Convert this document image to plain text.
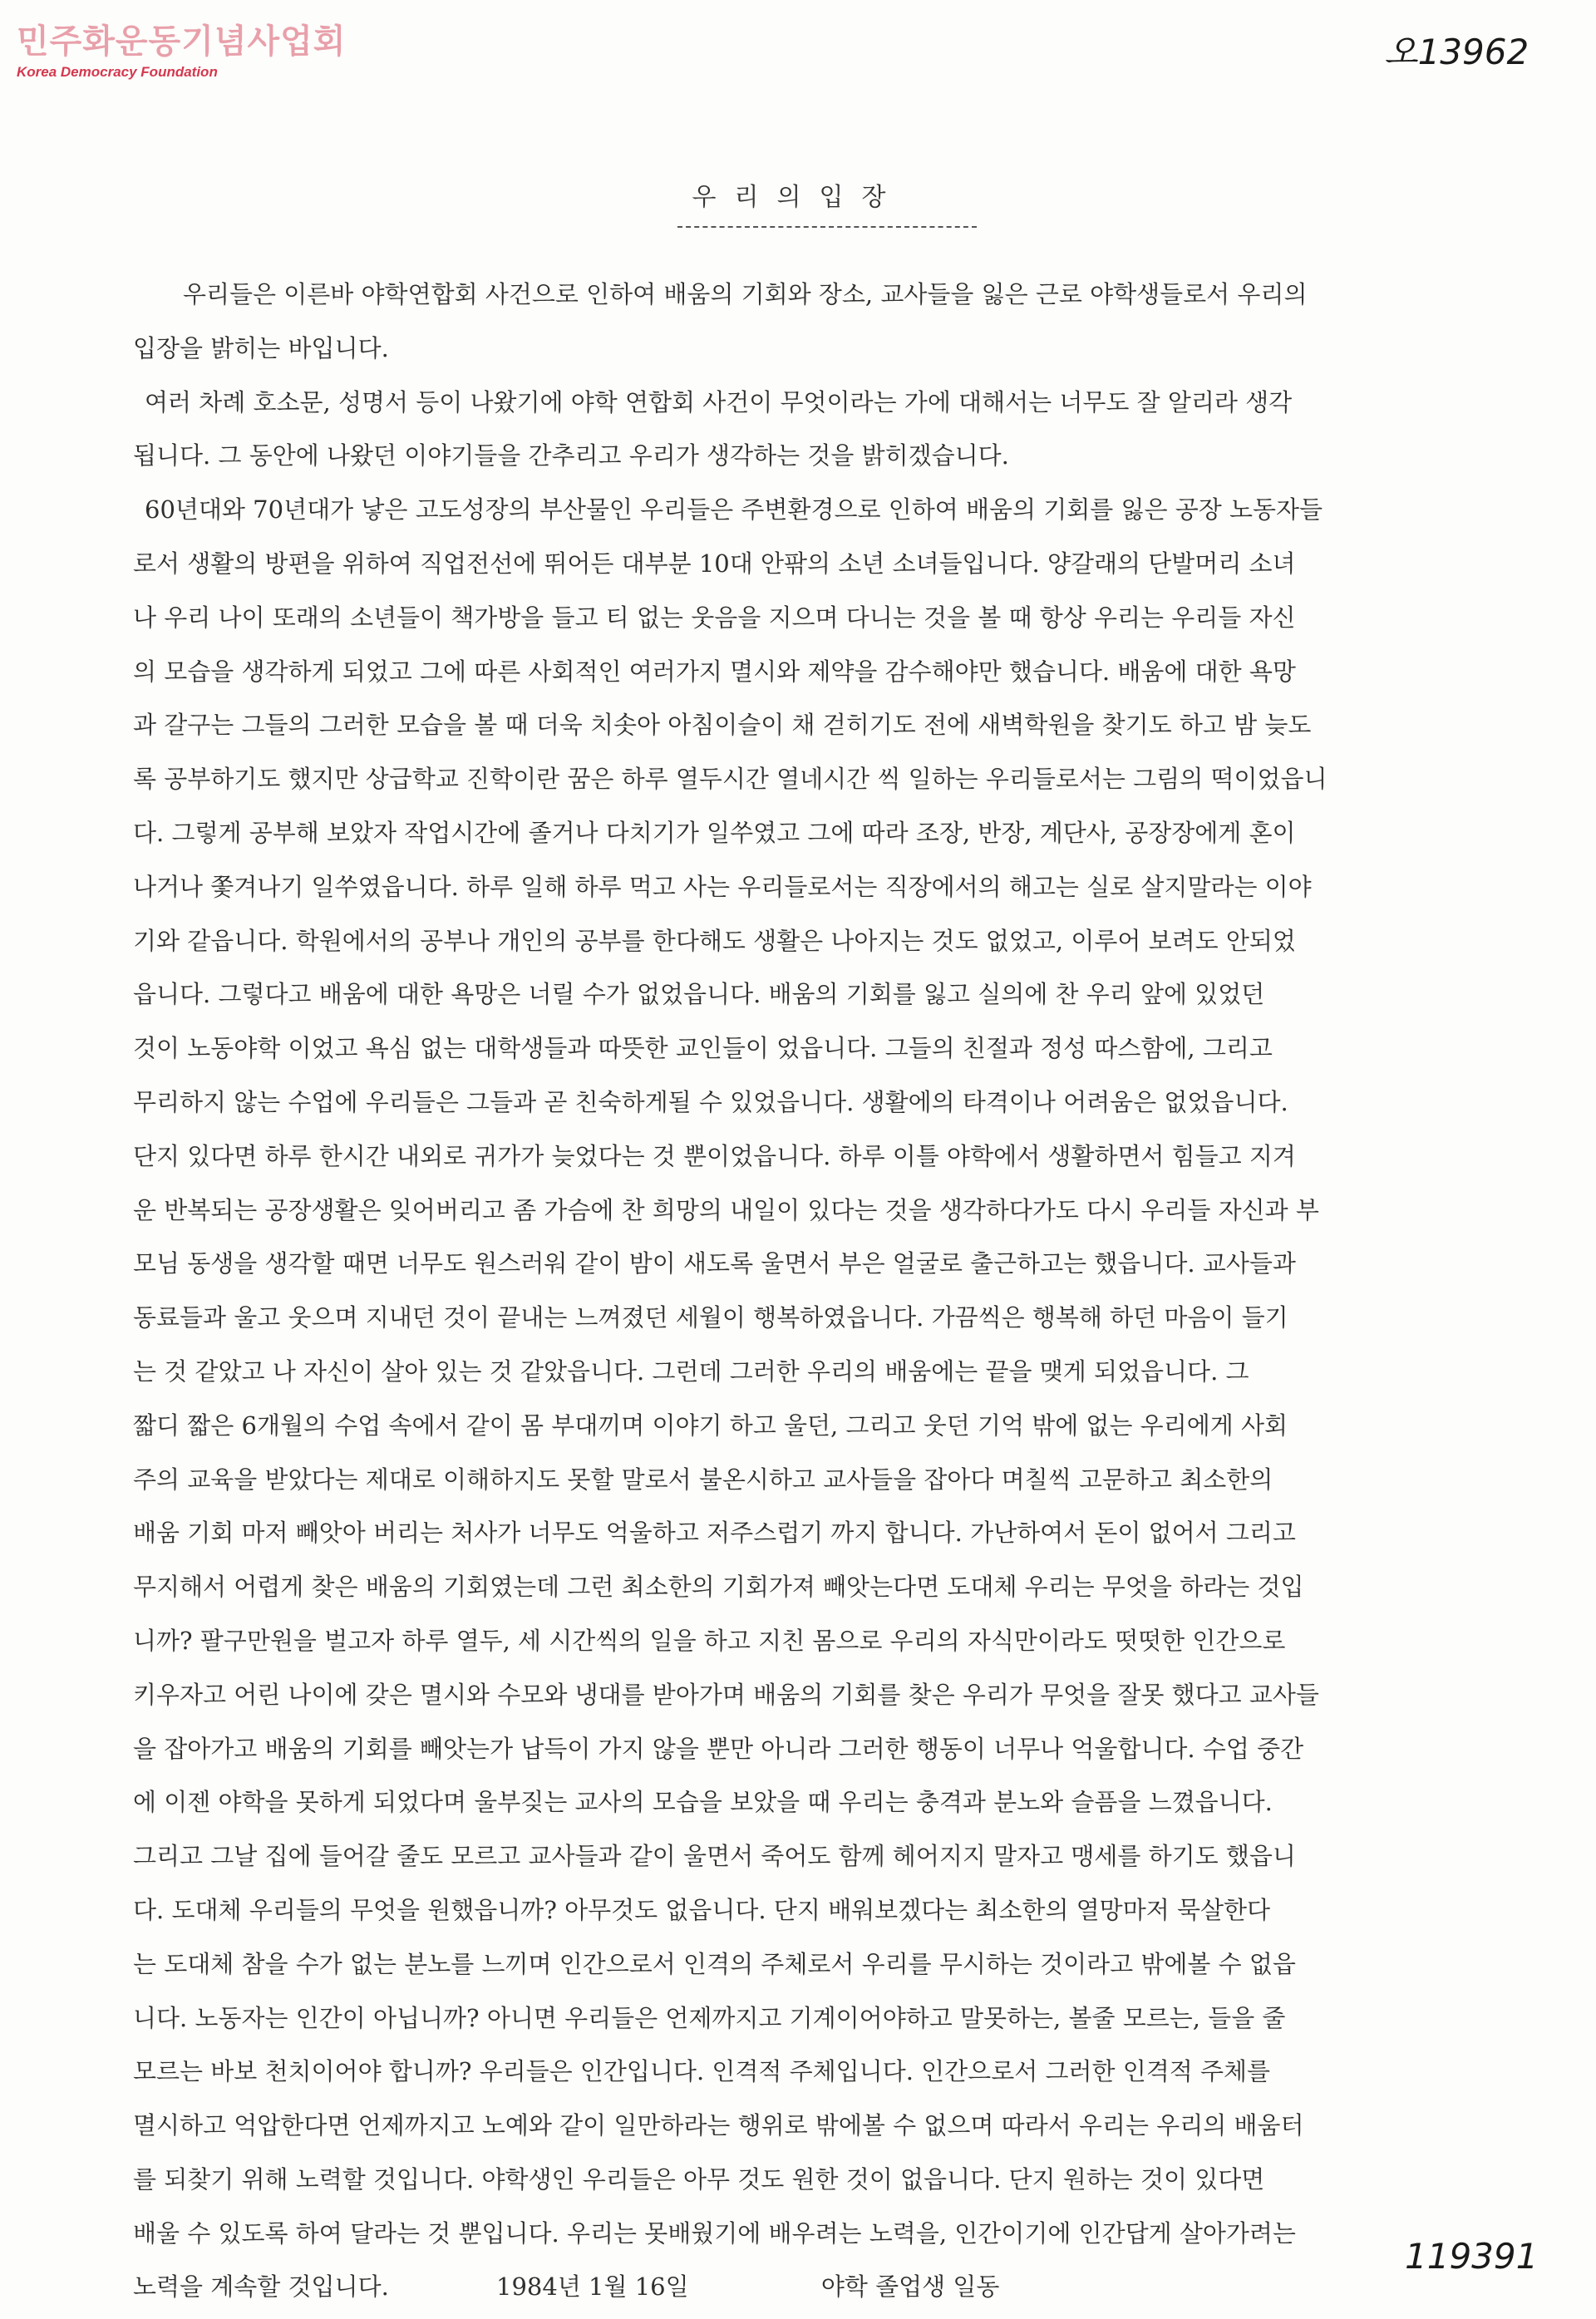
민주화운동기념사업회
Korea Democracy Foundation	오13962
우리의입장
우리들은 이른바 야학연합회 사건으로 인하여 배움의 기회와 장소, 교사들을 잃은 근로 야학생들로서 우리의
입장을 밝히는 바입니다.
여러 차례 호소문, 성명서 등이 나왔기에 야학 연합회 사건이 무엇이라는 가에 대해서는 너무도 잘 알리라 생각
됩니다. 그 동안에 나왔던 이야기들을 간추리고 우리가 생각하는 것을 밝히겠습니다.
60년대와 70년대가 낳은 고도성장의 부산물인 우리들은 주변환경으로 인하여 배움의 기회를 잃은 공장 노동자들
로서 생활의 방편을 위하여 직업전선에 뛰어든 대부분 10대 안팎의 소년 소녀들입니다. 양갈래의 단발머리 소녀
나 우리 나이 또래의 소년들이 책가방을 들고 티 없는 웃음을 지으며 다니는 것을 볼 때 항상 우리는 우리들 자신
의 모습을 생각하게 되었고 그에 따른 사회적인 여러가지 멸시와 제약을 감수해야만 했습니다. 배움에 대한 욕망
과 갈구는 그들의 그러한 모습을 볼 때 더욱 치솟아 아침이슬이 채 걷히기도 전에 새벽학원을 찾기도 하고 밤 늦도
록 공부하기도 했지만 상급학교 진학이란 꿈은 하루 열두시간 열네시간 씩 일하는 우리들로서는 그림의 떡이었읍니
다. 그렇게 공부해 보았자 작업시간에 졸거나 다치기가 일쑤였고 그에 따라 조장, 반장, 계단사, 공장장에게 혼이
나거나 쫓겨나기 일쑤였읍니다. 하루 일해 하루 먹고 사는 우리들로서는 직장에서의 해고는 실로 살지말라는 이야
기와 같읍니다. 학원에서의 공부나 개인의 공부를 한다해도 생활은 나아지는 것도 없었고, 이루어 보려도 안되었
읍니다. 그렇다고 배움에 대한 욕망은 너릴 수가 없었읍니다. 배움의 기회를 잃고 실의에 찬 우리 앞에 있었던
것이 노동야학 이었고 욕심 없는 대학생들과 따뜻한 교인들이 었읍니다. 그들의 친절과 정성 따스함에, 그리고
무리하지 않는 수업에 우리들은 그들과 곧 친숙하게될 수 있었읍니다. 생활에의 타격이나 어려움은 없었읍니다.
단지 있다면 하루 한시간 내외로 귀가가 늦었다는 것 뿐이었읍니다. 하루 이틀 야학에서 생활하면서 힘들고 지겨
운 반복되는 공장생활은 잊어버리고 좀 가슴에 찬 희망의 내일이 있다는 것을 생각하다가도 다시 우리들 자신과 부
모님 동생을 생각할 때면 너무도 원스러워 같이 밤이 새도록 울면서 부은 얼굴로 출근하고는 했읍니다. 교사들과
동료들과 울고 웃으며 지내던 것이 끝내는 느껴졌던 세월이 행복하였읍니다. 가끔씩은 행복해 하던 마음이 들기
는 것 같았고 나 자신이 살아 있는 것 같았읍니다. 그런데 그러한 우리의 배움에는 끝을 맺게 되었읍니다. 그
짧디 짧은 6개월의 수업 속에서 같이 몸 부대끼며 이야기 하고 울던, 그리고 웃던 기억 밖에 없는 우리에게 사회
주의 교육을 받았다는 제대로 이해하지도 못할 말로서 불온시하고 교사들을 잡아다 며칠씩 고문하고 최소한의
배움 기회 마저 빼앗아 버리는 처사가 너무도 억울하고 저주스럽기 까지 합니다. 가난하여서 돈이 없어서 그리고
무지해서 어렵게 찾은 배움의 기회였는데 그런 최소한의 기회가져 빼앗는다면 도대체 우리는 무엇을 하라는 것입
니까? 팔구만원을 벌고자 하루 열두, 세 시간씩의 일을 하고 지친 몸으로 우리의 자식만이라도 떳떳한 인간으로
키우자고 어린 나이에 갖은 멸시와 수모와 냉대를 받아가며 배움의 기회를 찾은 우리가 무엇을 잘못 했다고 교사들
을 잡아가고 배움의 기회를 빼앗는가 납득이 가지 않을 뿐만 아니라 그러한 행동이 너무나 억울합니다. 수업 중간
에 이젠 야학을 못하게 되었다며 울부짖는 교사의 모습을 보았을 때 우리는 충격과 분노와 슬픔을 느꼈읍니다.
그리고 그날 집에 들어갈 줄도 모르고 교사들과 같이 울면서 죽어도 함께 헤어지지 말자고 맹세를 하기도 했읍니
다. 도대체 우리들의 무엇을 원했읍니까? 아무것도 없읍니다. 단지 배워보겠다는 최소한의 열망마저 묵살한다
는 도대체 참을 수가 없는 분노를 느끼며 인간으로서 인격의 주체로서 우리를 무시하는 것이라고 밖에볼 수 없읍
니다. 노동자는 인간이 아닙니까? 아니면 우리들은 언제까지고 기계이어야하고 말못하는, 볼줄 모르는, 들을 줄
모르는 바보 천치이어야 합니까? 우리들은 인간입니다. 인격적 주체입니다. 인간으로서 그러한 인격적 주체를
멸시하고 억압한다면 언제까지고 노예와 같이 일만하라는 행위로 밖에볼 수 없으며 따라서 우리는 우리의 배움터
를 되찾기 위해 노력할 것입니다. 야학생인 우리들은 아무 것도 원한 것이 없읍니다. 단지 원하는 것이 있다면
배울 수 있도록 하여 달라는 것 뿐입니다. 우리는 못배웠기에 배우려는 노력을, 인간이기에 인간답게 살아가려는
노력을 계속할 것입니다.	1984년 1월 16일	야학 졸업생 일동
119391
